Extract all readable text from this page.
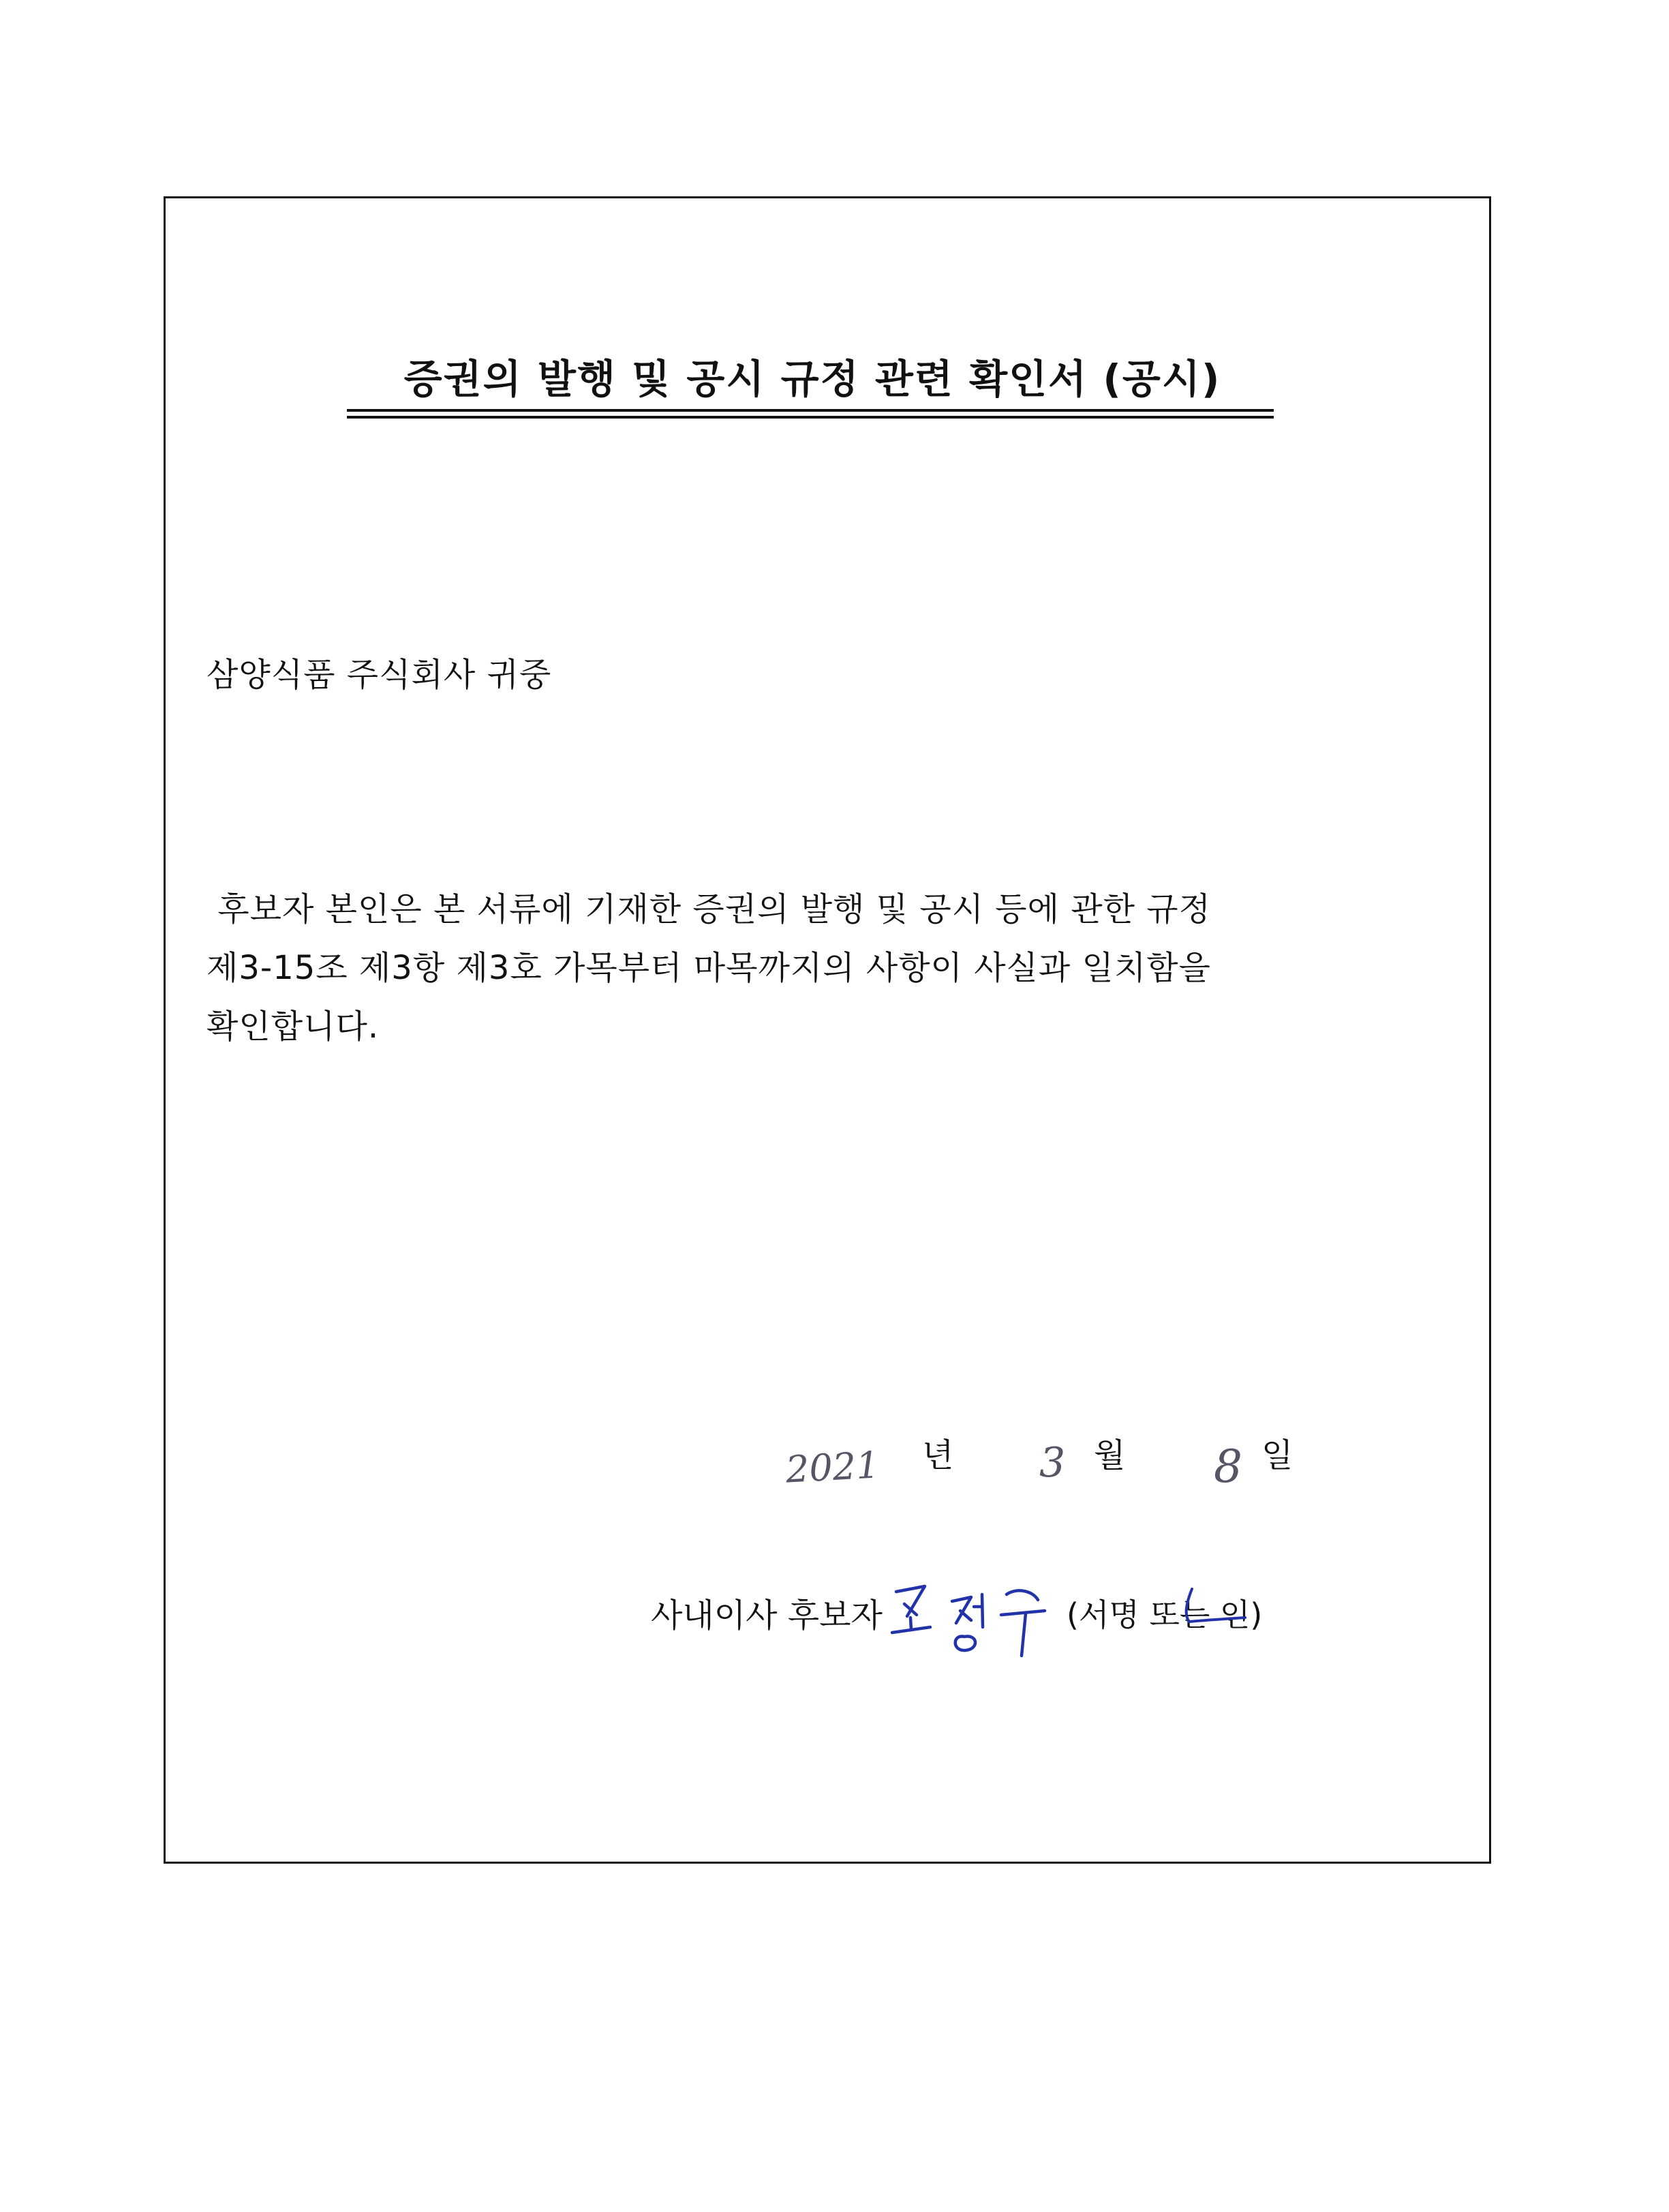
증권의 발행 및 공시 규정 관련 확인서 (공시)
삼양식품 주식회사 귀중
후보자 본인은 본 서류에 기재한 증권의 발행 및 공시 등에 관한 규정
제3-15조 제3항 제3호 가목부터 마목까지의 사항이 사실과 일치함을
확인합니다.
2021 년 3 월 8 일
사내이사 후보자	(서명 또는 인)
